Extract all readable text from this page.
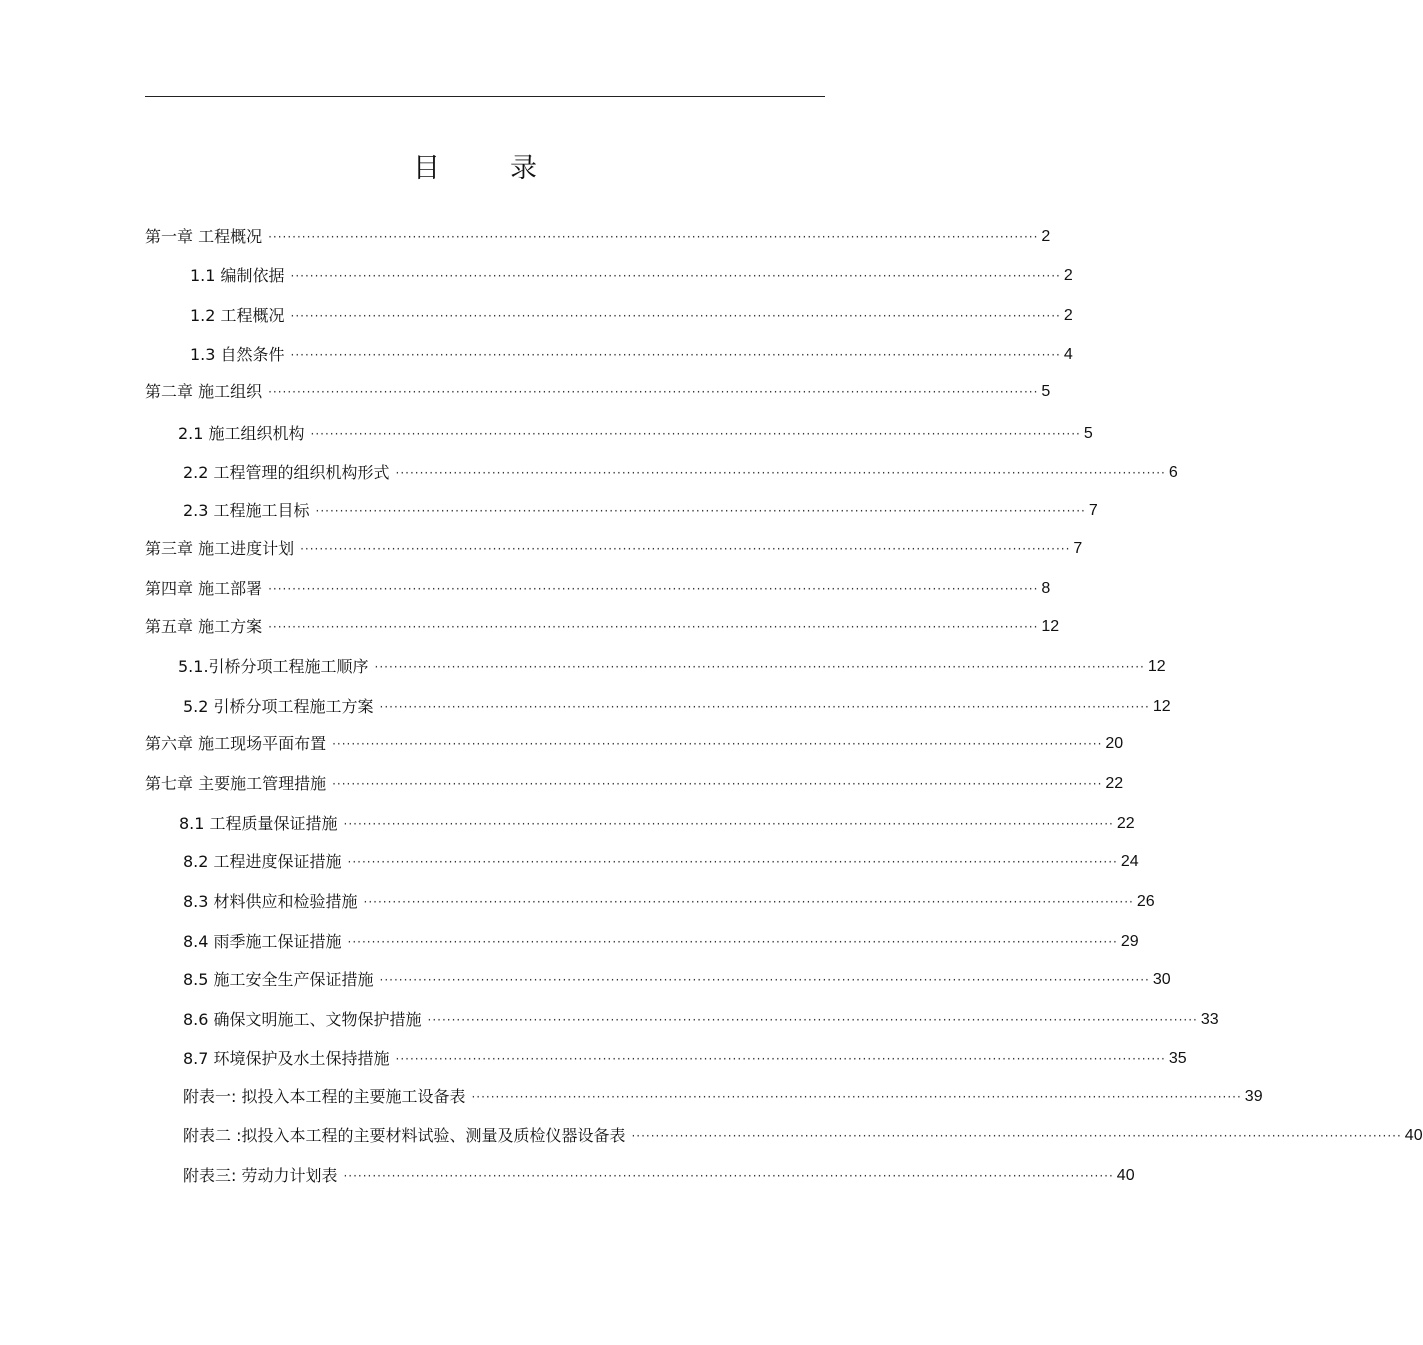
目	录
第一章 工程概况 ································································································································································ 2
1.1 编制依据 ································································································································································ 2
1.2 工程概况 ································································································································································ 2
1.3 自然条件 ································································································································································ 4
第二章 施工组织 ································································································································································ 5
2.1 施工组织机构 ································································································································································ 5
2.2 工程管理的组织机构形式 ································································································································································ 6
2.3 工程施工目标 ································································································································································ 7
第三章 施工进度计划 ································································································································································ 7
第四章 施工部署 ································································································································································ 8
第五章 施工方案 ································································································································································ 12
5.1.引桥分项工程施工顺序 ································································································································································ 12
5.2 引桥分项工程施工方案 ································································································································································ 12
第六章 施工现场平面布置 ································································································································································ 20
第七章 主要施工管理措施 ································································································································································ 22
8.1 工程质量保证措施 ································································································································································ 22
8.2 工程进度保证措施 ································································································································································ 24
8.3 材料供应和检验措施 ································································································································································ 26
8.4 雨季施工保证措施 ································································································································································ 29
8.5 施工安全生产保证措施 ································································································································································ 30
8.6 确保文明施工、文物保护措施 ································································································································································ 33
8.7 环境保护及水土保持措施 ································································································································································ 35
附表一: 拟投入本工程的主要施工设备表 ································································································································································ 39
附表二 :拟投入本工程的主要材料试验、测量及质检仪器设备表 ································································································································································ 40
附表三: 劳动力计划表 ································································································································································ 40
